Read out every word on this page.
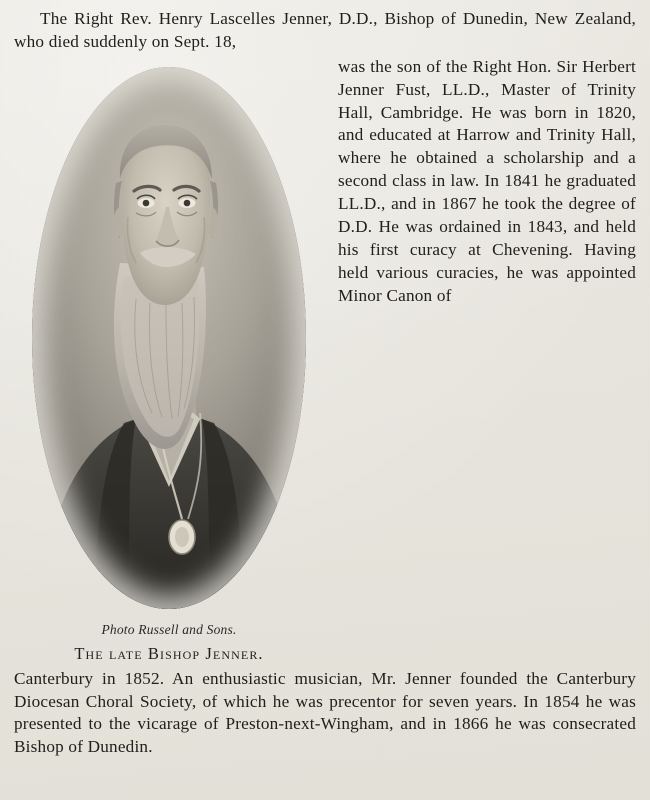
The Right Rev. Henry Lascelles Jenner, D.D., Bishop of Dunedin, New Zealand, who died suddenly on Sept. 18,

Photo Russell and Sons.

The late Bishop Jenner.

was the son of the Right Hon. Sir Herbert Jenner Fust, LL.D., Master of Trinity Hall, Cambridge. He was born in 1820, and educated at Harrow and Trinity Hall, where he obtained a scholarship and a second class in law. In 1841 he graduated LL.D., and in 1867 he took the degree of D.D. He was ordained in 1843, and held his first curacy at Chevening. Having held various curacies, he was appointed Minor Canon of

Canterbury in 1852. An enthusiastic musician, Mr. Jenner founded the Canterbury Diocesan Choral Society, of which he was precentor for seven years. In 1854 he was presented to the vicarage of Preston-next-Wingham, and in 1866 he was consecrated Bishop of Dunedin.
